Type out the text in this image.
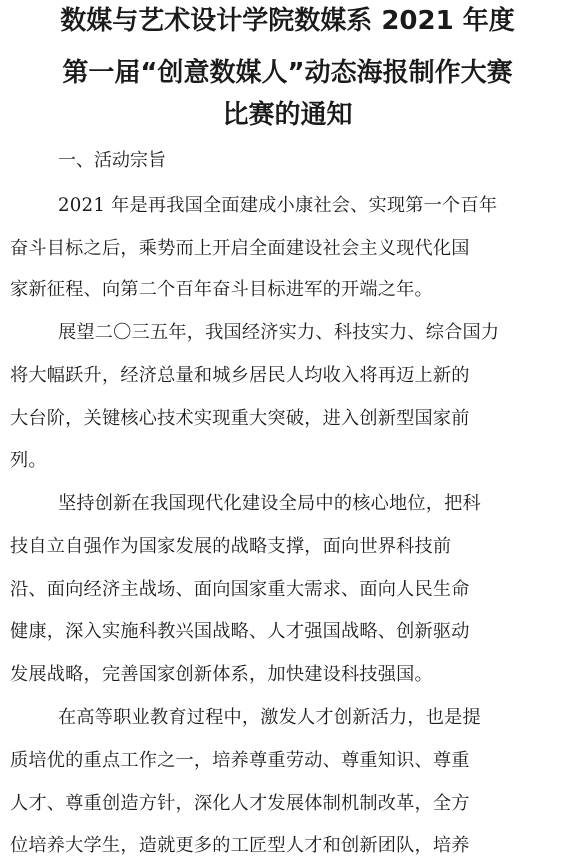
数媒与艺术设计学院数媒系 2021 年度
第一届“创意数媒人”动态海报制作大赛
比赛的通知
一、活动宗旨
2021 年是再我国全面建成小康社会、实现第一个百年
奋斗目标之后，乘势而上开启全面建设社会主义现代化国
家新征程、向第二个百年奋斗目标进军的开端之年。
展望二〇三五年，我国经济实力、科技实力、综合国力
将大幅跃升，经济总量和城乡居民人均收入将再迈上新的
大台阶，关键核心技术实现重大突破，进入创新型国家前
列。
坚持创新在我国现代化建设全局中的核心地位，把科
技自立自强作为国家发展的战略支撑，面向世界科技前
沿、面向经济主战场、面向国家重大需求、面向人民生命
健康，深入实施科教兴国战略、人才强国战略、创新驱动
发展战略，完善国家创新体系，加快建设科技强国。
在高等职业教育过程中，激发人才创新活力，也是提
质培优的重点工作之一，培养尊重劳动、尊重知识、尊重
人才、尊重创造方针，深化人才发展体制机制改革，全方
位培养大学生，造就更多的工匠型人才和创新团队，培养
